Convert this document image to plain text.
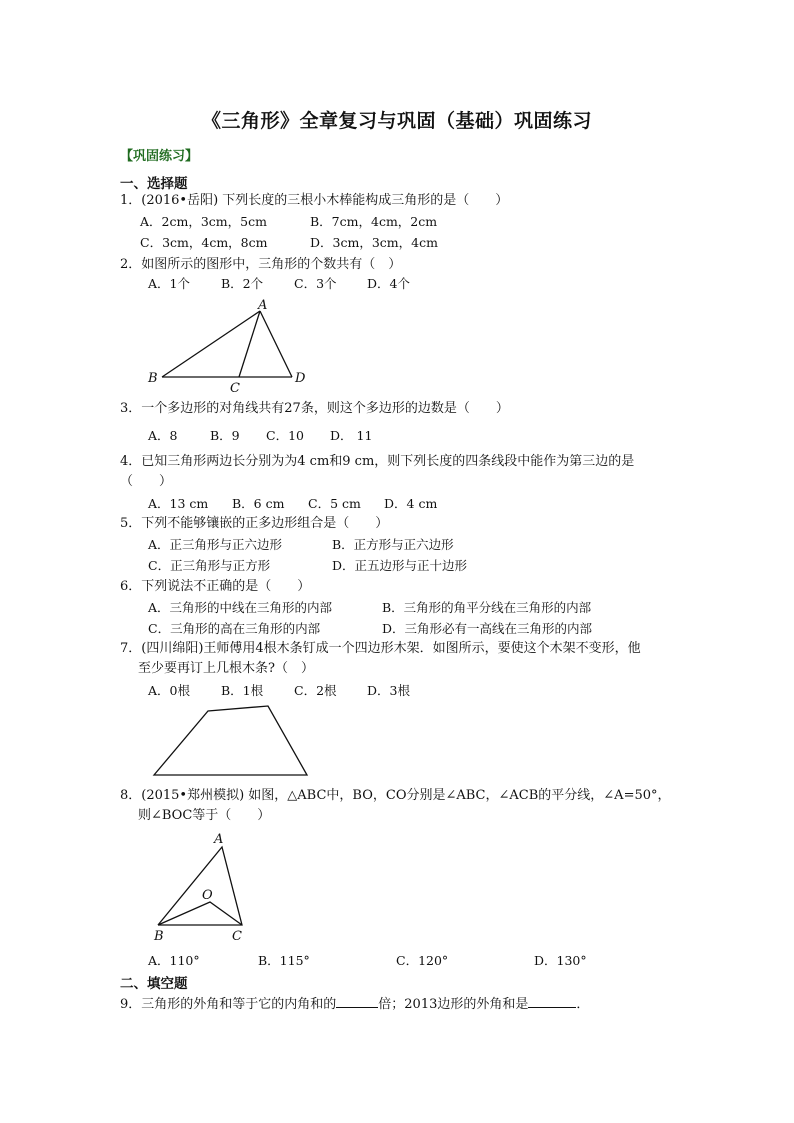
《三角形》全章复习与巩固（基础）巩固练习
【巩固练习】
一、选择题
1．(2016•岳阳) 下列长度的三根小木棒能构成三角形的是（　　）
A．2cm，3cm，5cm	B．7cm，4cm，2cm
C．3cm，4cm，8cm	D．3cm，3cm，4cm
2．如图所示的图形中，三角形的个数共有（　）
A．1个 B．2个 C．3个 D．4个
A
B
C
D
3．一个多边形的对角线共有27条，则这个多边形的边数是（　　）
A．8	B．9 C．10 D． 11
4．已知三角形两边长分别为为4 cm和9 cm，则下列长度的四条线段中能作为第三边的是
（　　）
A．13 cm B．6 cm C．5 cm D．4 cm
5．下列不能够镶嵌的正多边形组合是（　　）
A．正三角形与正六边形	B．正方形与正六边形
C．正三角形与正方形	D．正五边形与正十边形
6．下列说法不正确的是（　　）
A．三角形的中线在三角形的内部	B．三角形的角平分线在三角形的内部
C．三角形的高在三角形的内部	D．三角形必有一高线在三角形的内部
7．(四川绵阳)王师傅用4根木条钉成一个四边形木架．如图所示，要使这个木架不变形，他
至少要再订上几根木条?（　）
A．0根 B．1根 C．2根 D．3根
8．(2015•郑州模拟) 如图，△ABC中，BO，CO分别是∠ABC，∠ACB的平分线，∠A=50°，
则∠BOC等于（　　）
A
O
B	C
A．110°	B．115°	C．120°	D．130°
二、填空题
9．三角形的外角和等于它的内角和的	倍；2013边形的外角和是	．
